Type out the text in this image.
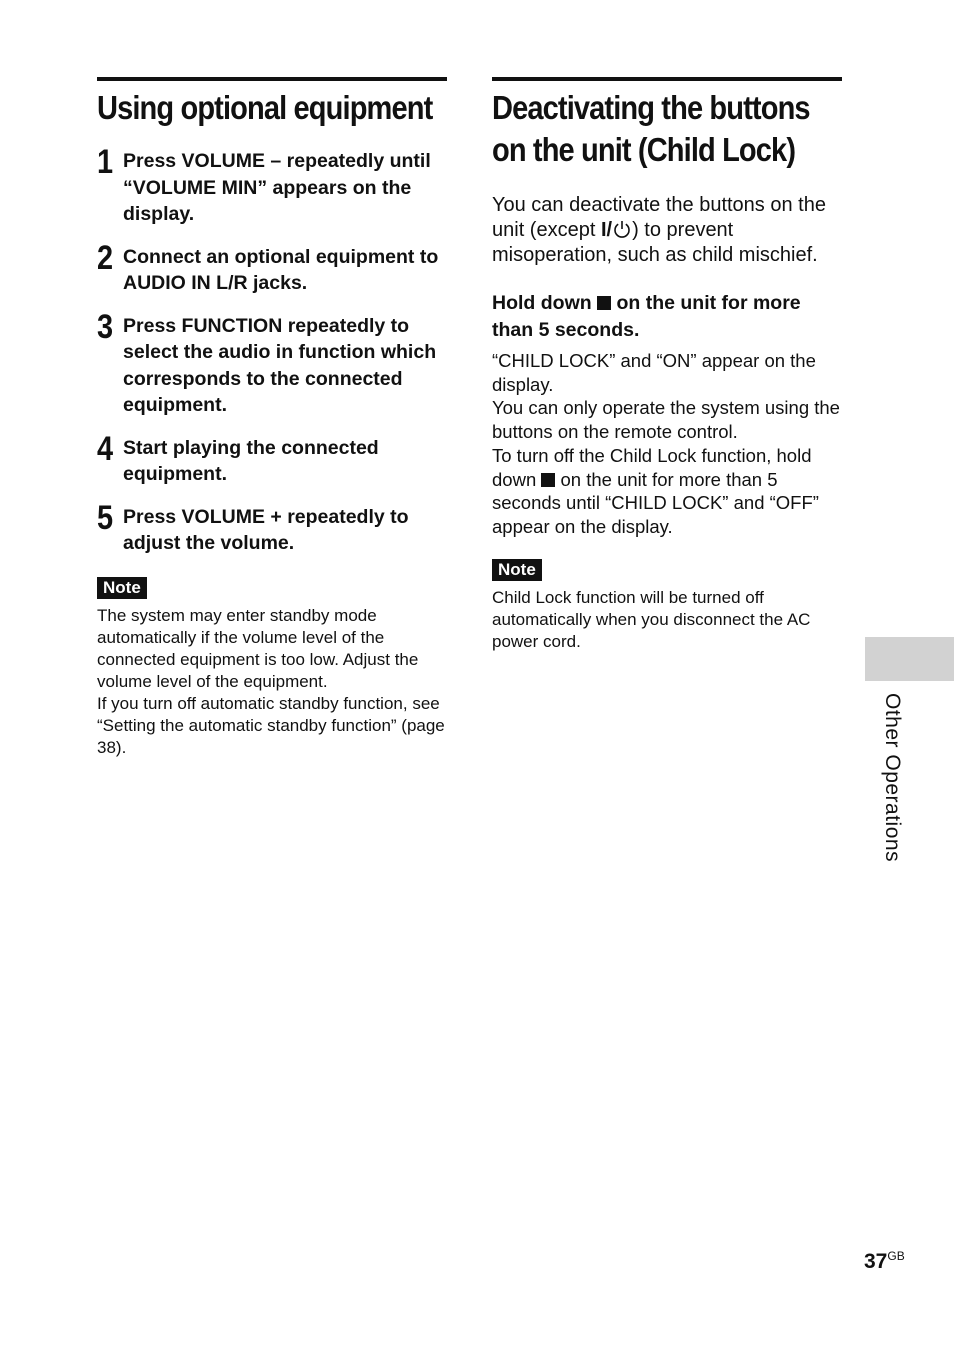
Using optional equipment
1 Press VOLUME – repeatedly until “VOLUME MIN” appears on the display.
2 Connect an optional equipment to AUDIO IN L/R jacks.
3 Press FUNCTION repeatedly to select the audio in function which corresponds to the connected equipment.
4 Start playing the connected equipment.
5 Press VOLUME + repeatedly to adjust the volume.
Note

The system may enter standby mode automatically if the volume level of the connected equipment is too low. Adjust the volume level of the equipment.

If you turn off automatic standby function, see “Setting the automatic standby function” (page 38).

Deactivating the buttons on the unit (Child Lock)
You can deactivate the buttons on the unit (except I/ ) to prevent misoperation, such as child mischief.
Hold down  on the unit for more than 5 seconds.

“CHILD LOCK” and “ON” appear on the display.

You can only operate the system using the buttons on the remote control.

To turn off the Child Lock function, hold down  on the unit for more than 5 seconds until “CHILD LOCK” and “OFF” appear on the display.

Note
Child Lock function will be turned off automatically when you disconnect the AC power cord.
Other Operations
$37^{GB}$
